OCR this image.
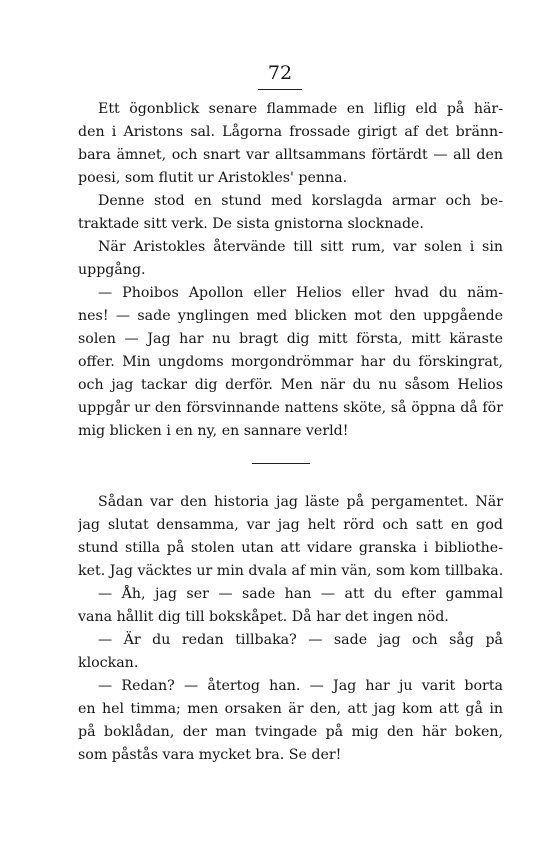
72
Ett ögonblick senare flammade en liflig eld på här-
den i Aristons sal. Lågorna frossade girigt af det bränn-
bara ämnet, och snart var alltsammans förtärdt — all den
poesi, som flutit ur Aristokles' penna.
Denne stod en stund med korslagda armar och be-
traktade sitt verk. De sista gnistorna slocknade.
När Aristokles återvände till sitt rum, var solen i sin
uppgång.
— Phoibos Apollon eller Helios eller hvad du näm-
nes! — sade ynglingen med blicken mot den uppgående
solen — Jag har nu bragt dig mitt första, mitt käraste
offer. Min ungdoms morgondrömmar har du förskingrat,
och jag tackar dig derför. Men när du nu såsom Helios
uppgår ur den försvinnande nattens sköte, så öppna då för
mig blicken i en ny, en sannare verld!
Sådan var den historia jag läste på pergamentet. När
jag slutat densamma, var jag helt rörd och satt en god
stund stilla på stolen utan att vidare granska i bibliothe-
ket. Jag väcktes ur min dvala af min vän, som kom tillbaka.
— Åh, jag ser — sade han — att du efter gammal
vana hållit dig till bokskåpet. Då har det ingen nöd.
— Är du redan tillbaka? — sade jag och såg på
klockan.
— Redan? — återtog han. — Jag har ju varit borta
en hel timma; men orsaken är den, att jag kom att gå in
på boklådan, der man tvingade på mig den här boken,
som påstås vara mycket bra. Se der!
